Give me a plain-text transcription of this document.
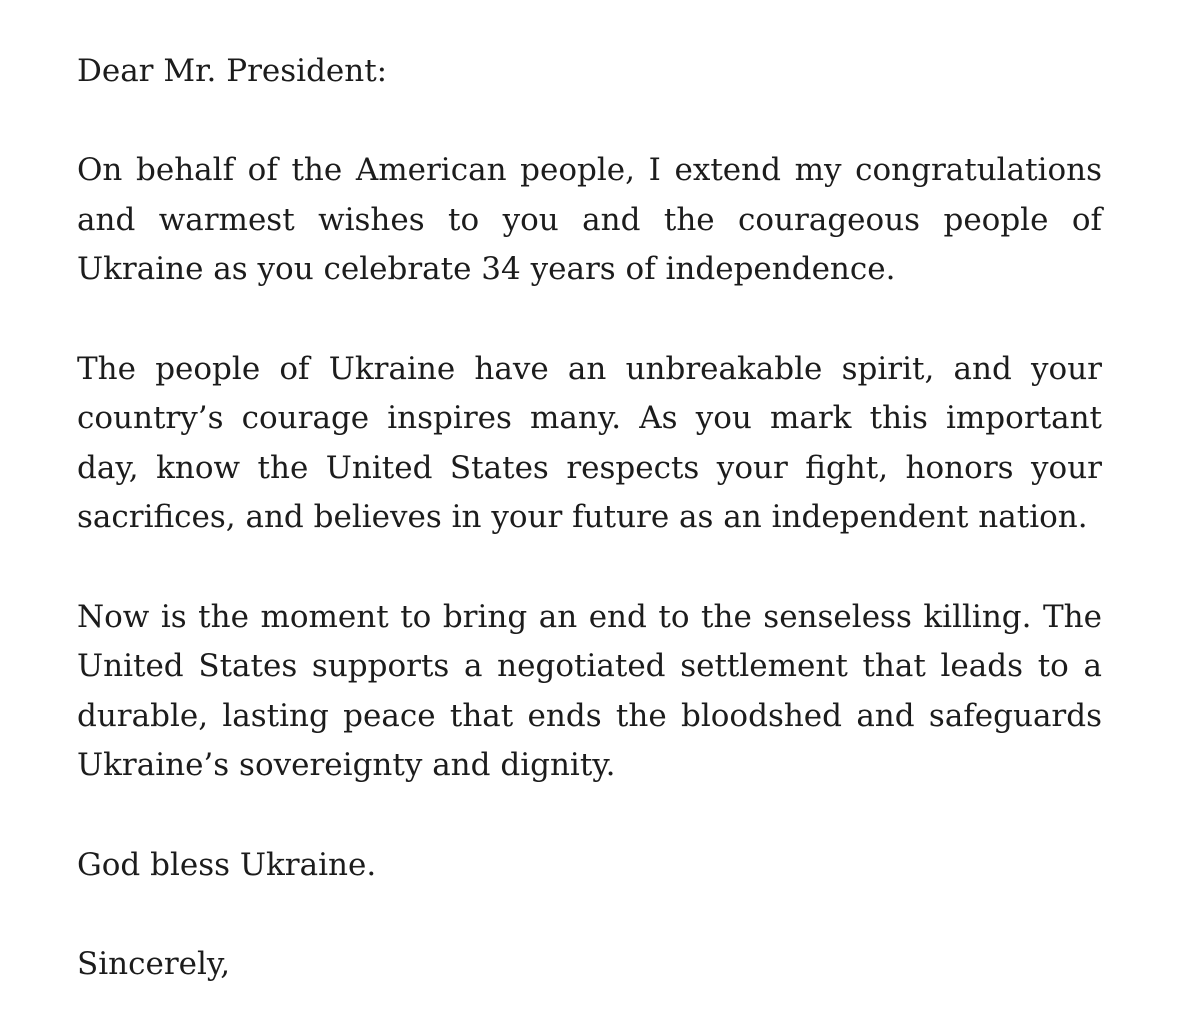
Dear Mr. President:

On behalf of the American people, I extend my congratulations and warmest wishes to you and the courageous people of Ukraine as you celebrate 34 years of independence.

The people of Ukraine have an unbreakable spirit, and your country’s courage inspires many. As you mark this important day, know the United States respects your fight, honors your sacrifices, and believes in your future as an independent nation.

Now is the moment to bring an end to the senseless killing. The United States supports a negotiated settlement that leads to a durable, lasting peace that ends the bloodshed and safeguards Ukraine’s sovereignty and dignity.

God bless Ukraine.

Sincerely,
